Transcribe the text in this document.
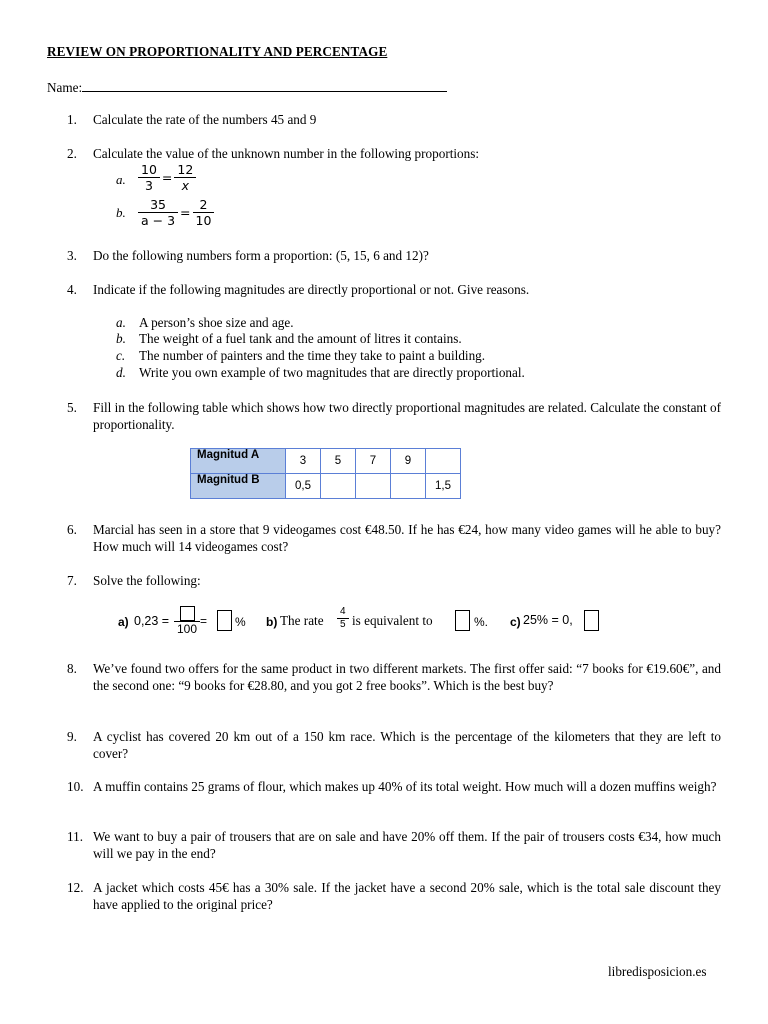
REVIEW ON PROPORTIONALITY AND PERCENTAGE
Name:
1.	Calculate the rate of the numbers 45 and 9
2.	Calculate the value of the unknown number in the following proportions:
a. $\frac{10}{3} = \frac{12}{x}$
b. $\frac{35}{a - 3} = \frac{2}{10}$
3.	Do the following numbers form a proportion: (5, 15, 6 and 12)?
4.	Indicate if the following magnitudes are directly proportional or not. Give reasons.
a. A person’s shoe size and age.
b. The weight of a fuel tank and the amount of litres it contains.
c. The number of painters and the time they take to paint a building.
d. Write you own example of two magnitudes that are directly proportional.
5.	Fill in the following table which shows how two directly proportional magnitudes are related. Calculate the constant of proportionality.
Magnitud A	3	5	7	9	
Magnitud B	0,5				1,5
6.	Marcial has seen in a store that 9 videogames cost €48.50. If he has €24, how many video games will he able to buy? How much will 14 videogames cost?
7.	Solve the following:
a) 0,23 =
100
= % b) The rate $\frac{4}{5}$ is equivalent to	%. c) 25% = 0,
8.	We’ve found two offers for the same product in two different markets. The first offer said: “7 books for €19.60€”, and the second one: “9 books for €28.80, and you got 2 free books”. Which is the best buy?
9.	A cyclist has covered 20 km out of a 150 km race. Which is the percentage of the kilometers that they are left to cover?
10. A muffin contains 25 grams of flour, which makes up 40% of its total weight. How much will a dozen muffins weigh?
11. We want to buy a pair of trousers that are on sale and have 20% off them. If the pair of trousers costs €34, how much will we pay in the end?
12. A jacket which costs 45€ has a 30% sale. If the jacket have a second 20% sale, which is the total sale discount they have applied to the original price?
libredisposicion.es
